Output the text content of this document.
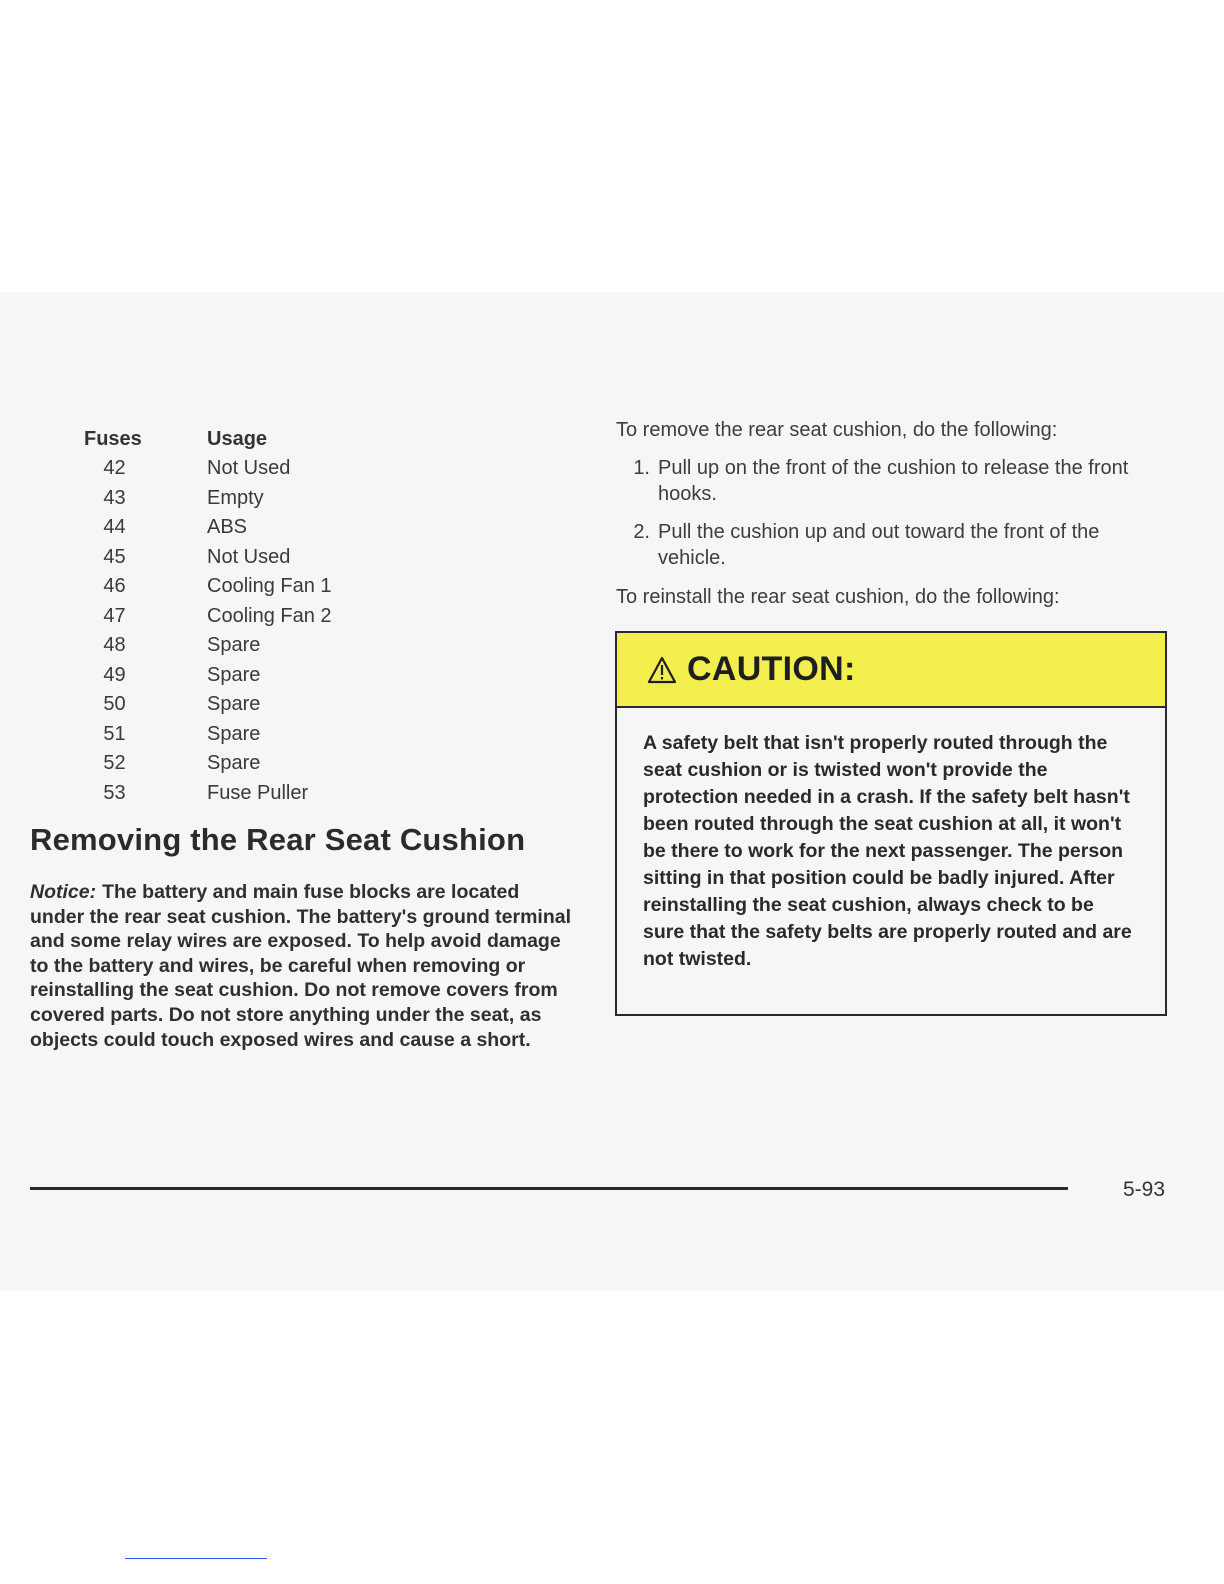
Fuses	Usage
42	Not Used
43	Empty
44	ABS
45	Not Used
46	Cooling Fan 1
47	Cooling Fan 2
48	Spare
49	Spare
50	Spare
51	Spare
52	Spare
53	Fuse Puller
Removing the Rear Seat Cushion

Notice: The battery and main fuse blocks are located under the rear seat cushion. The battery's ground terminal and some relay wires are exposed. To help avoid damage to the battery and wires, be careful when removing or reinstalling the seat cushion. Do not remove covers from covered parts. Do not store anything under the seat, as objects could touch exposed wires and cause a short.

To remove the rear seat cushion, do the following:

1. Pull up on the front of the cushion to release the front hooks.
2. Pull the cushion up and out toward the front of the vehicle.

To reinstall the rear seat cushion, do the following:

CAUTION:

A safety belt that isn't properly routed through the seat cushion or is twisted won't provide the protection needed in a crash. If the safety belt hasn't been routed through the seat cushion at all, it won't be there to work for the next passenger. The person sitting in that position could be badly injured. After reinstalling the seat cushion, always check to be sure that the safety belts are properly routed and are not twisted.

5-93
